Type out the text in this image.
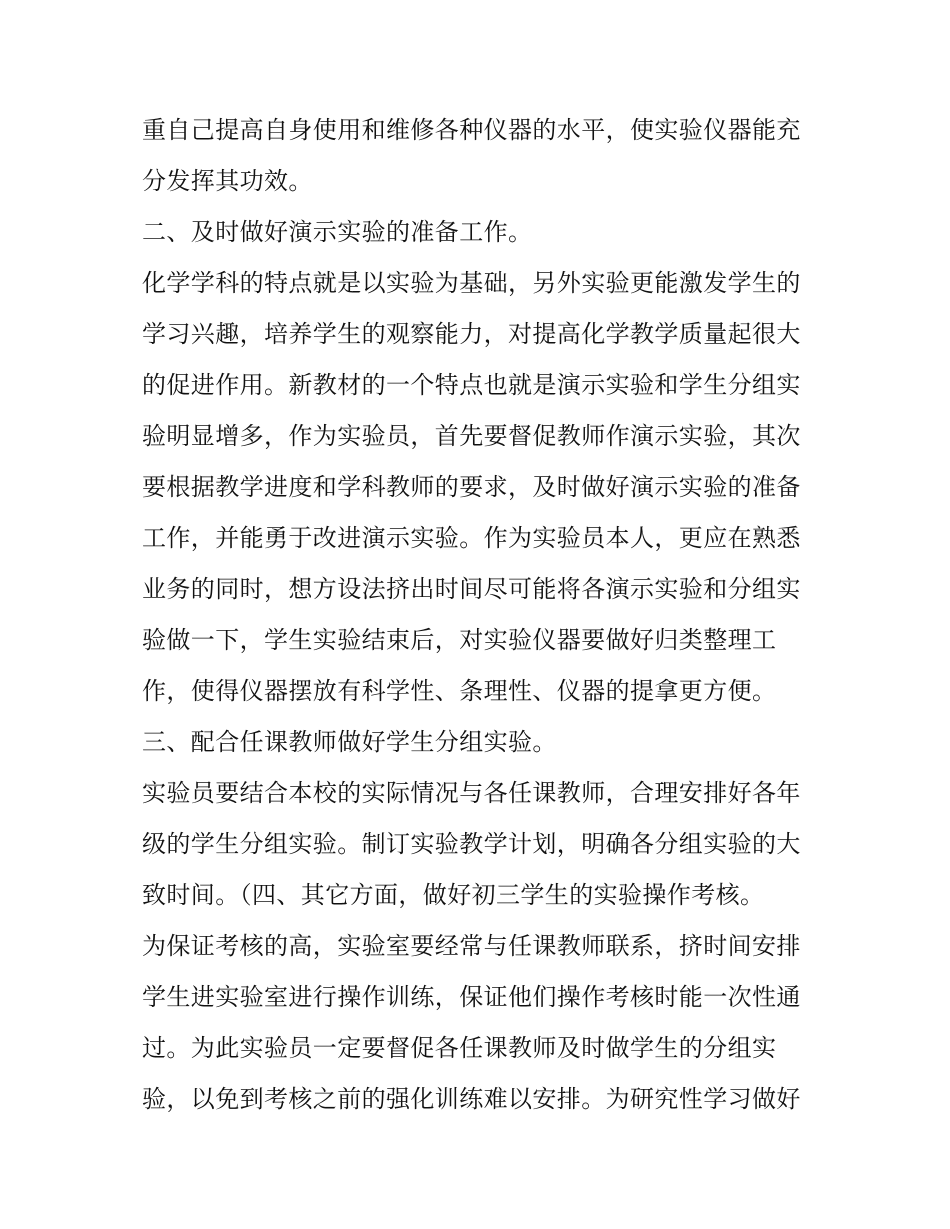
重自己提高自身使用和维修各种仪器的水平，使实验仪器能充
分发挥其功效。
二、及时做好演示实验的准备工作。
化学学科的特点就是以实验为基础，另外实验更能激发学生的
学习兴趣，培养学生的观察能力，对提高化学教学质量起很大
的促进作用。新教材的一个特点也就是演示实验和学生分组实
验明显增多，作为实验员，首先要督促教师作演示实验，其次
要根据教学进度和学科教师的要求，及时做好演示实验的准备
工作，并能勇于改进演示实验。作为实验员本人，更应在熟悉
业务的同时，想方设法挤出时间尽可能将各演示实验和分组实
验做一下，学生实验结束后，对实验仪器要做好归类整理工
作，使得仪器摆放有科学性、条理性、仪器的提拿更方便。
三、配合任课教师做好学生分组实验。
实验员要结合本校的实际情况与各任课教师，合理安排好各年
级的学生分组实验。制订实验教学计划，明确各分组实验的大
致时间。（四、其它方面，做好初三学生的实验操作考核。
为保证考核的高，实验室要经常与任课教师联系，挤时间安排
学生进实验室进行操作训练，保证他们操作考核时能一次性通
过。为此实验员一定要督促各任课教师及时做学生的分组实
验，以免到考核之前的强化训练难以安排。为研究性学习做好
